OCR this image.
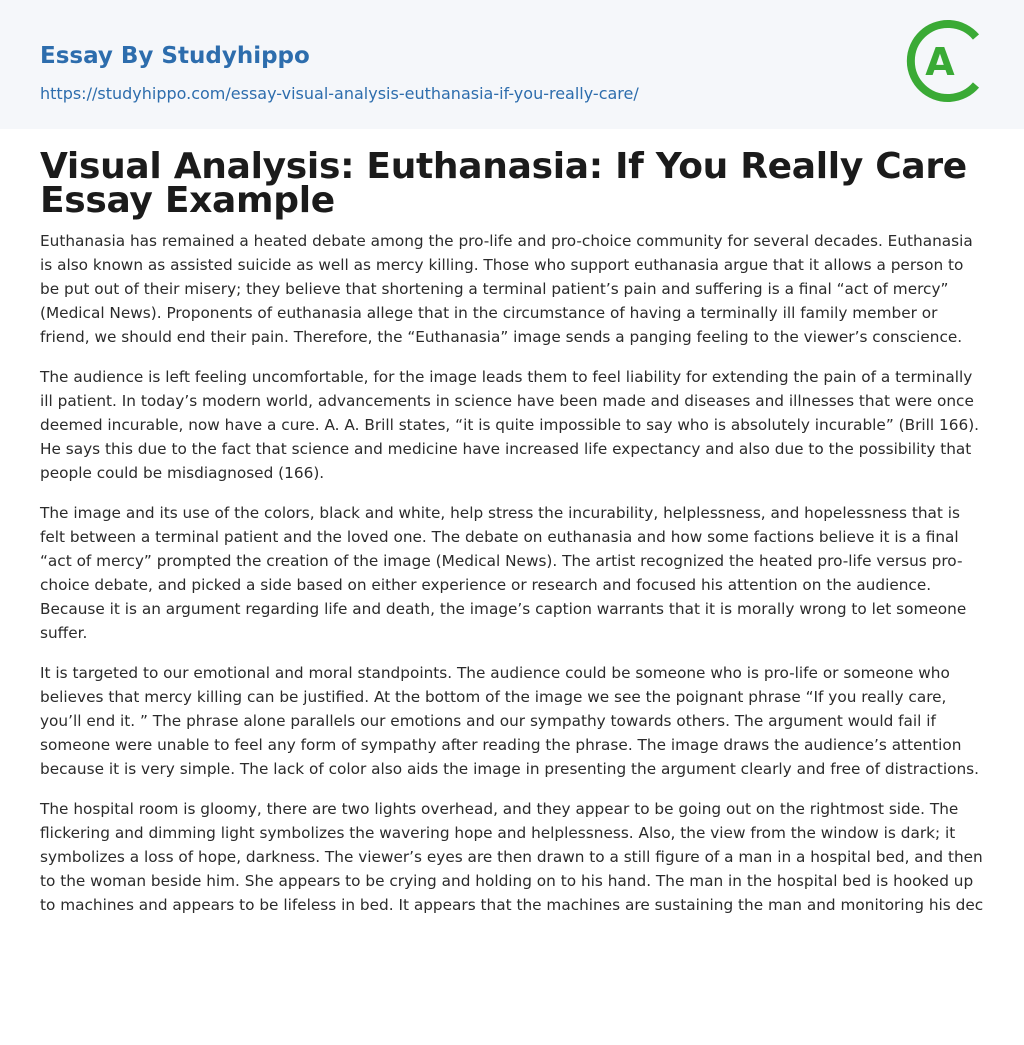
Essay By Studyhippo
https://studyhippo.com/essay-visual-analysis-euthanasia-if-you-really-care/
A
Visual Analysis: Euthanasia: If You Really Care Essay Example

Euthanasia has remained a heated debate among the pro-life and pro-choice community for several decades. Euthanasia is also known as assisted suicide as well as mercy killing. Those who support euthanasia argue that it allows a person to be put out of their misery; they believe that shortening a terminal patient’s pain and suffering is a final “act of mercy” (Medical News). Proponents of euthanasia allege that in the circumstance of having a terminally ill family member or friend, we should end their pain. Therefore, the “Euthanasia” image sends a panging feeling to the viewer’s conscience.

The audience is left feeling uncomfortable, for the image leads them to feel liability for extending the pain of a terminally ill patient. In today’s modern world, advancements in science have been made and diseases and illnesses that were once deemed incurable, now have a cure. A. A. Brill states, “it is quite impossible to say who is absolutely incurable” (Brill 166). He says this due to the fact that science and medicine have increased life expectancy and also due to the possibility that people could be misdiagnosed (166).

The image and its use of the colors, black and white, help stress the incurability, helplessness, and hopelessness that is felt between a terminal patient and the loved one. The debate on euthanasia and how some factions believe it is a final “act of mercy” prompted the creation of the image (Medical News). The artist recognized the heated pro-life versus pro-choice debate, and picked a side based on either experience or research and focused his attention on the audience. Because it is an argument regarding life and death, the image’s caption warrants that it is morally wrong to let someone suffer.

It is targeted to our emotional and moral standpoints. The audience could be someone who is pro-life or someone who believes that mercy killing can be justified. At the bottom of the image we see the poignant phrase “If you really care, you’ll end it. ” The phrase alone parallels our emotions and our sympathy towards others. The argument would fail if someone were unable to feel any form of sympathy after reading the phrase. The image draws the audience’s attention because it is very simple. The lack of color also aids the image in presenting the argument clearly and free of distractions.

The hospital room is gloomy, there are two lights overhead, and they appear to be going out on the rightmost side. The flickering and dimming light symbolizes the wavering hope and helplessness. Also, the view from the window is dark; it symbolizes a loss of hope, darkness. The viewer’s eyes are then drawn to a still figure of a man in a hospital bed, and then to the woman beside him. She appears to be crying and holding on to his hand. The man in the hospital bed is hooked up to machines and appears to be lifeless in bed. It appears that the machines are sustaining the man and monitoring his dec
